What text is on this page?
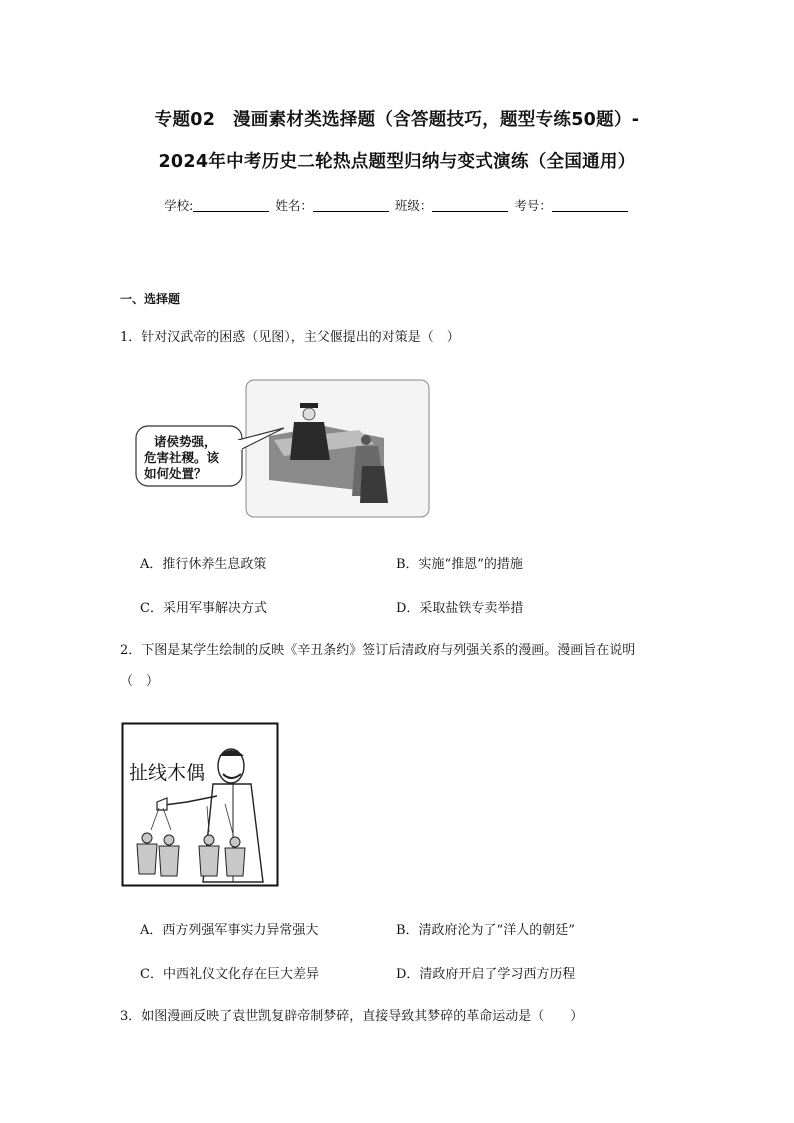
专题02　漫画素材类选择题（含答题技巧，题型专练50题）-
2024年中考历史二轮热点题型归纳与变式演练（全国通用）
学校:	姓名：	班级：	考号：
一、选择题
1．针对汉武帝的困惑（见图），主父偃提出的对策是（　）
诸侯势强，
危害社稷。该
如何处置？
A．推行休养生息政策	B．实施“推恩”的措施
C．采用军事解决方式	D．采取盐铁专卖举措
2．下图是某学生绘制的反映《辛丑条约》签订后清政府与列强关系的漫画。漫画旨在说明
（　）
扯线木偶
A．西方列强军事实力异常强大	B．清政府沦为了“洋人的朝廷”
C．中西礼仪文化存在巨大差异	D．清政府开启了学习西方历程
3．如图漫画反映了袁世凯复辟帝制梦碎，直接导致其梦碎的革命运动是（　　）
